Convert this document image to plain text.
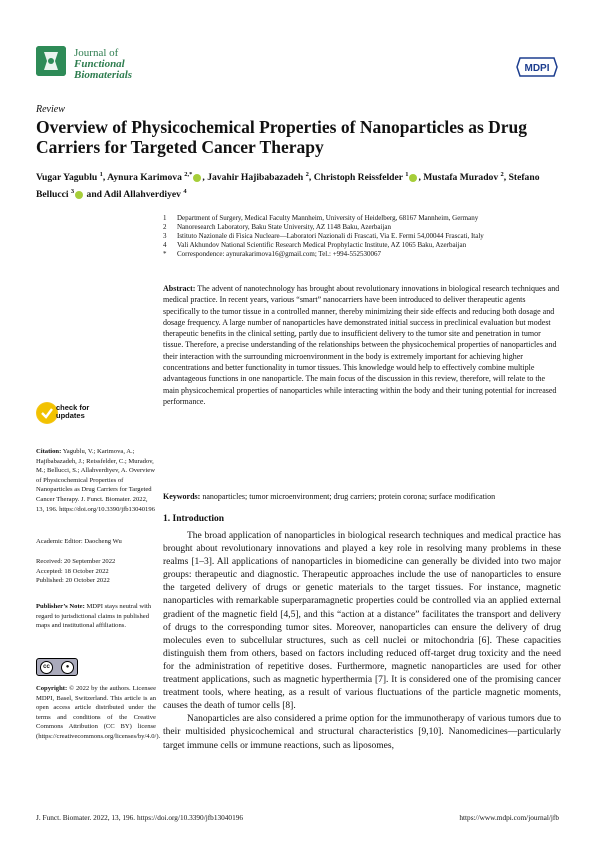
Journal of
Functional
Biomaterials
MDPI
Review
Overview of Physicochemical Properties of Nanoparticles as Drug Carriers for Targeted Cancer Therapy
Vugar Yagublu $^1$, Aynura Karimova $^{2,*}$ , Javahir Hajibabazadeh $^2$, Christoph Reissfelder $^1$ , Mustafa Muradov $^2$, Stefano Bellucci $^3$ and Adil Allahverdiyev $^4$
1	Department of Surgery, Medical Faculty Mannheim, University of Heidelberg, 68167 Mannheim, Germany
2	Nanoresearch Laboratory, Baku State University, AZ 1148 Baku, Azerbaijan
3	Istituto Nazionale di Fisica Nucleare—Laboratori Nazionali di Frascati, Via E. Fermi 54,00044 Frascati, Italy
4	Vali Akhundov National Scientific Research Medical Prophylactic Institute, AZ 1065 Baku, Azerbaijan
*	Correspondence: aynurakarimova16@gmail.com; Tel.: +994-552530067

Abstract: The advent of nanotechnology has brought about revolutionary innovations in biological research techniques and medical practice. In recent years, various “smart” nanocarriers have been introduced to deliver therapeutic agents specifically to the tumor tissue in a controlled manner, thereby minimizing their side effects and reducing both dosage and dosage frequency. A large number of nanoparticles have demonstrated initial success in preclinical evaluation but modest therapeutic benefits in the clinical setting, partly due to insufficient delivery to the tumor site and penetration in tumor tissue. Therefore, a precise understanding of the relationships between the physicochemical properties of nanoparticles and their interaction with the surrounding microenvironment in the body is extremely important for achieving higher concentrations and better functionality in tumor tissues. This knowledge would help to effectively combine multiple advantageous functions in one nanoparticle. The main focus of the discussion in this review, therefore, will relate to the main physicochemical properties of nanoparticles while interacting within the body and their tuning potential for increased performance.

Keywords: nanoparticles; tumor microenvironment; drug carriers; protein corona; surface modification

check for
updates
Citation: Yagublu, V.; Karimova, A.; Hajibabazadeh, J.; Reissfelder, C.; Muradov, M.; Bellucci, S.; Allahverdiyev, A. Overview of Physicochemical Properties of Nanoparticles as Drug Carriers for Targeted Cancer Therapy. J. Funct. Biomater. 2022, 13, 196. https://doi.org/10.3390/jfb13040196
Academic Editor: Daocheng Wu
Received: 20 September 2022
Accepted: 18 October 2022
Published: 20 October 2022
Publisher’s Note: MDPI stays neutral with regard to jurisdictional claims in published maps and institutional affiliations.
cc	●
Copyright: © 2022 by the authors. Licensee MDPI, Basel, Switzerland. This article is an open access article distributed under the terms and conditions of the Creative Commons Attribution (CC BY) license (https://creativecommons.org/licenses/by/4.0/).
1. Introduction

The broad application of nanoparticles in biological research techniques and medical practice has brought about revolutionary innovations and played a key role in resolving many problems in these realms [1–3]. All applications of nanoparticles in biomedicine can generally be divided into two major groups: therapeutic and diagnostic. Therapeutic approaches include the use of nanoparticles to ensure the targeted delivery of drugs or genetic materials to the target tissues. For instance, magnetic nanoparticles with remarkable superparamagnetic properties could be controlled via an applied external gradient of the magnetic field [4,5], and this “action at a distance” facilitates the transport and delivery of drugs to the corresponding tumor sites. Moreover, nanoparticles can ensure the delivery of drug molecules even to subcellular structures, such as cell nuclei or mitochondria [6]. These capacities distinguish them from others, based on factors including reduced off-target drug toxicity and the need for the administration of repetitive doses. Furthermore, magnetic nanoparticles are used for other treatment applications, such as magnetic hyperthermia [7]. It is considered one of the promising cancer treatment tools, where heating, as a result of various fluctuations of the particle magnetic moments, causes the death of tumor cells [8].

Nanoparticles are also considered a prime option for the immunotherapy of various tumors due to their multisided physicochemical and structural characteristics [9,10]. Nanomedicines—particularly target immune cells or immune reactions, such as liposomes,

J. Funct. Biomater. 2022, 13, 196. https://doi.org/10.3390/jfb13040196	https://www.mdpi.com/journal/jfb
